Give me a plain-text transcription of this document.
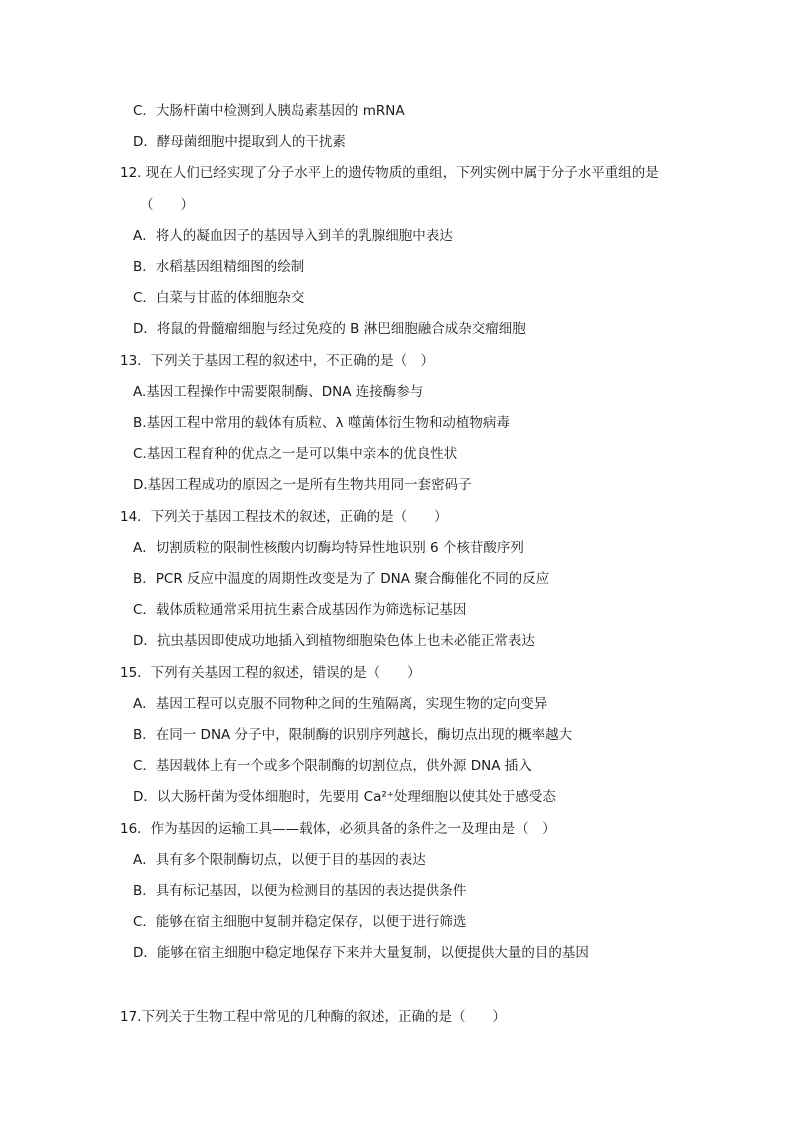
C．大肠杆菌中检测到人胰岛素基因的 mRNA
D．酵母菌细胞中提取到人的干扰素
12. 现在人们已经实现了分子水平上的遗传物质的重组，下列实例中属于分子水平重组的是
（　　）
A．将人的凝血因子的基因导入到羊的乳腺细胞中表达
B．水稻基因组精细图的绘制
C．白菜与甘蓝的体细胞杂交
D．将鼠的骨髓瘤细胞与经过免疫的 B 淋巴细胞融合成杂交瘤细胞
13．下列关于基因工程的叙述中，不正确的是（　）
A.基因工程操作中需要限制酶、DNA 连接酶参与
B.基因工程中常用的载体有质粒、λ 噬菌体衍生物和动植物病毒
C.基因工程育种的优点之一是可以集中亲本的优良性状
D.基因工程成功的原因之一是所有生物共用同一套密码子
14．下列关于基因工程技术的叙述，正确的是（　　）
A．切割质粒的限制性核酸内切酶均特异性地识别 6 个核苷酸序列
B．PCR 反应中温度的周期性改变是为了 DNA 聚合酶催化不同的反应
C．载体质粒通常采用抗生素合成基因作为筛选标记基因
D．抗虫基因即使成功地插入到植物细胞染色体上也未必能正常表达
15．下列有关基因工程的叙述，错误的是（　　）
A．基因工程可以克服不同物种之间的生殖隔离，实现生物的定向变异
B．在同一 DNA 分子中，限制酶的识别序列越长，酶切点出现的概率越大
C．基因载体上有一个或多个限制酶的切割位点，供外源 DNA 插入
D．以大肠杆菌为受体细胞时，先要用 Ca²⁺处理细胞以使其处于感受态
16．作为基因的运输工具——载体，必须具备的条件之一及理由是（　）
A．具有多个限制酶切点，以便于目的基因的表达
B．具有标记基因，以便为检测目的基因的表达提供条件
C．能够在宿主细胞中复制并稳定保存，以便于进行筛选
D．能够在宿主细胞中稳定地保存下来并大量复制，以便提供大量的目的基因
17.下列关于生物工程中常见的几种酶的叙述，正确的是（　　）
